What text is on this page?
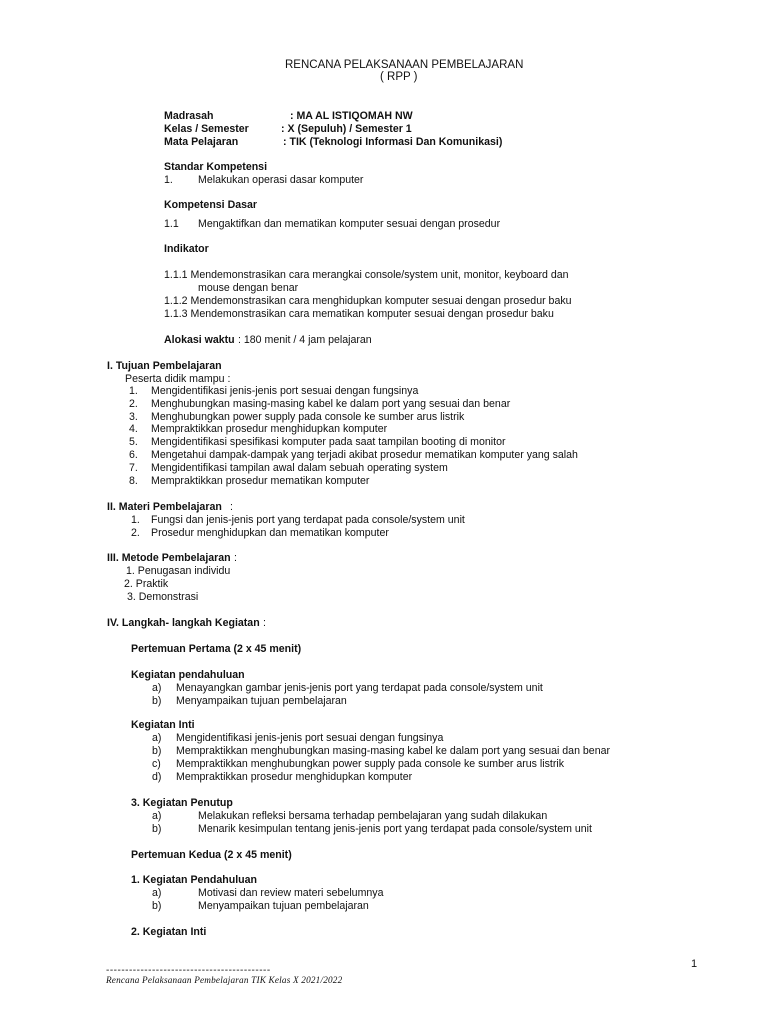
RENCANA PELAKSANAAN PEMBELAJARAN
( RPP )
Madrasah	: MA AL ISTIQOMAH NW
Kelas / Semester	: X (Sepuluh) / Semester 1
Mata Pelajaran	: TIK (Teknologi Informasi Dan Komunikasi)
Standar Kompetensi
1. Melakukan operasi dasar komputer
Kompetensi Dasar
1.1 Mengaktifkan dan mematikan komputer sesuai dengan prosedur
Indikator
1.1.1 Mendemonstrasikan cara merangkai console/system unit, monitor, keyboard dan
mouse dengan benar
1.1.2 Mendemonstrasikan cara menghidupkan komputer sesuai dengan prosedur baku
1.1.3 Mendemonstrasikan cara mematikan komputer sesuai dengan prosedur baku
Alokasi waktu : 180 menit / 4 jam pelajaran
I. Tujuan Pembelajaran
Peserta didik mampu :
1. Mengidentifikasi jenis-jenis port sesuai dengan fungsinya
2. Menghubungkan masing-masing kabel ke dalam port yang sesuai dan benar
3. Menghubungkan power supply pada console ke sumber arus listrik
4. Mempraktikkan prosedur menghidupkan komputer
5. Mengidentifikasi spesifikasi komputer pada saat tampilan booting di monitor
6. Mengetahui dampak-dampak yang terjadi akibat prosedur mematikan komputer yang salah
7. Mengidentifikasi tampilan awal dalam sebuah operating system
8. Mempraktikkan prosedur mematikan komputer
II. Materi Pembelajaran :
1. Fungsi dan jenis-jenis port yang terdapat pada console/system unit
2. Prosedur menghidupkan dan mematikan komputer
III. Metode Pembelajaran :
1. Penugasan individu
2. Praktik
3. Demonstrasi
IV. Langkah- langkah Kegiatan :
Pertemuan Pertama (2 x 45 menit)
Kegiatan pendahuluan
a) Menayangkan gambar jenis-jenis port yang terdapat pada console/system unit
b) Menyampaikan tujuan pembelajaran
Kegiatan Inti
a) Mengidentifikasi jenis-jenis port sesuai dengan fungsinya
b) Mempraktikkan menghubungkan masing-masing kabel ke dalam port yang sesuai dan benar
c) Mempraktikkan menghubungkan power supply pada console ke sumber arus listrik
d) Mempraktikkan prosedur menghidupkan komputer
3. Kegiatan Penutup
a)	Melakukan refleksi bersama terhadap pembelajaran yang sudah dilakukan
b)	Menarik kesimpulan tentang jenis-jenis port yang terdapat pada console/system unit
Pertemuan Kedua (2 x 45 menit)
1. Kegiatan Pendahuluan
a)	Motivasi dan review materi sebelumnya
b)	Menyampaikan tujuan pembelajaran
2. Kegiatan Inti
1
-------------------------------------------
Rencana Pelaksanaan Pembelajaran TIK Kelas X 2021/2022
